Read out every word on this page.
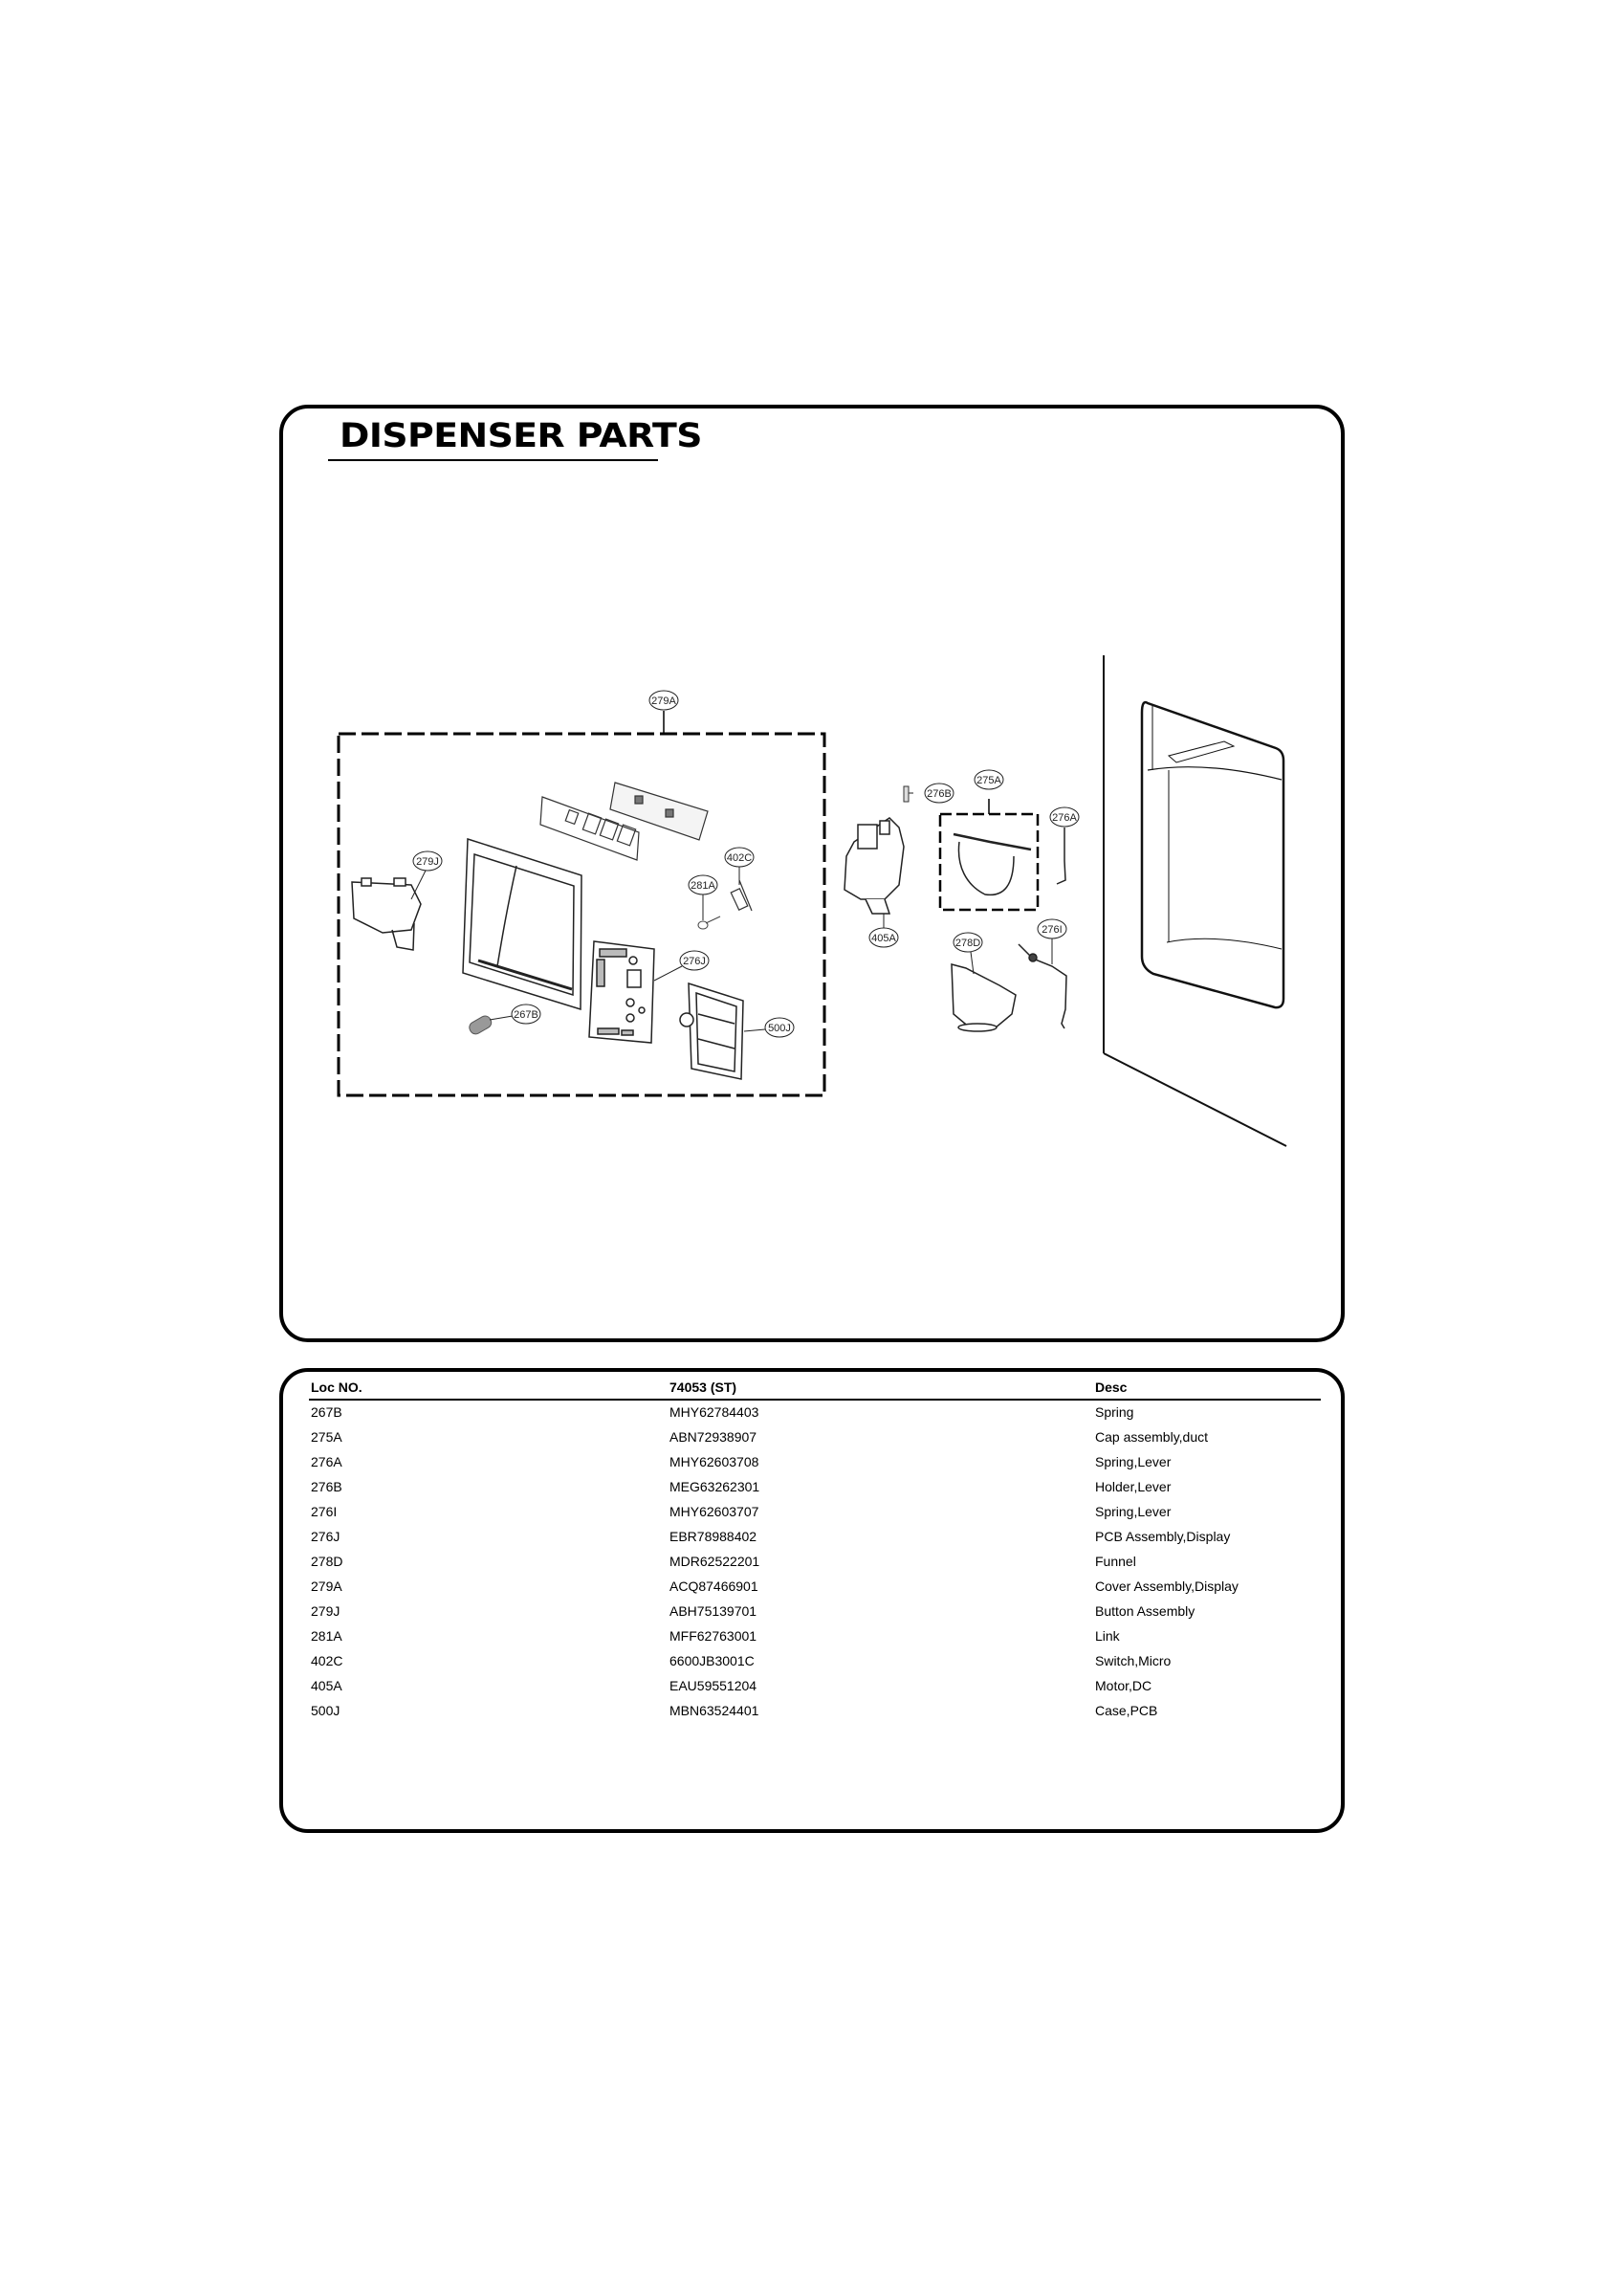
DISPENSER PARTS
279A
279J
281A
402C
276J
267B
500J
276B
275A
276A
405A	278D
276I
Loc NO.	74053 (ST)	Desc
267B	MHY62784403	Spring
275A	ABN72938907	Cap assembly,duct
276A	MHY62603708	Spring,Lever
276B	MEG63262301	Holder,Lever
276I	MHY62603707	Spring,Lever
276J	EBR78988402	PCB Assembly,Display
278D	MDR62522201	Funnel
279A	ACQ87466901	Cover Assembly,Display
279J	ABH75139701	Button Assembly
281A	MFF62763001	Link
402C	6600JB3001C	Switch,Micro
405A	EAU59551204	Motor,DC
500J	MBN63524401	Case,PCB
